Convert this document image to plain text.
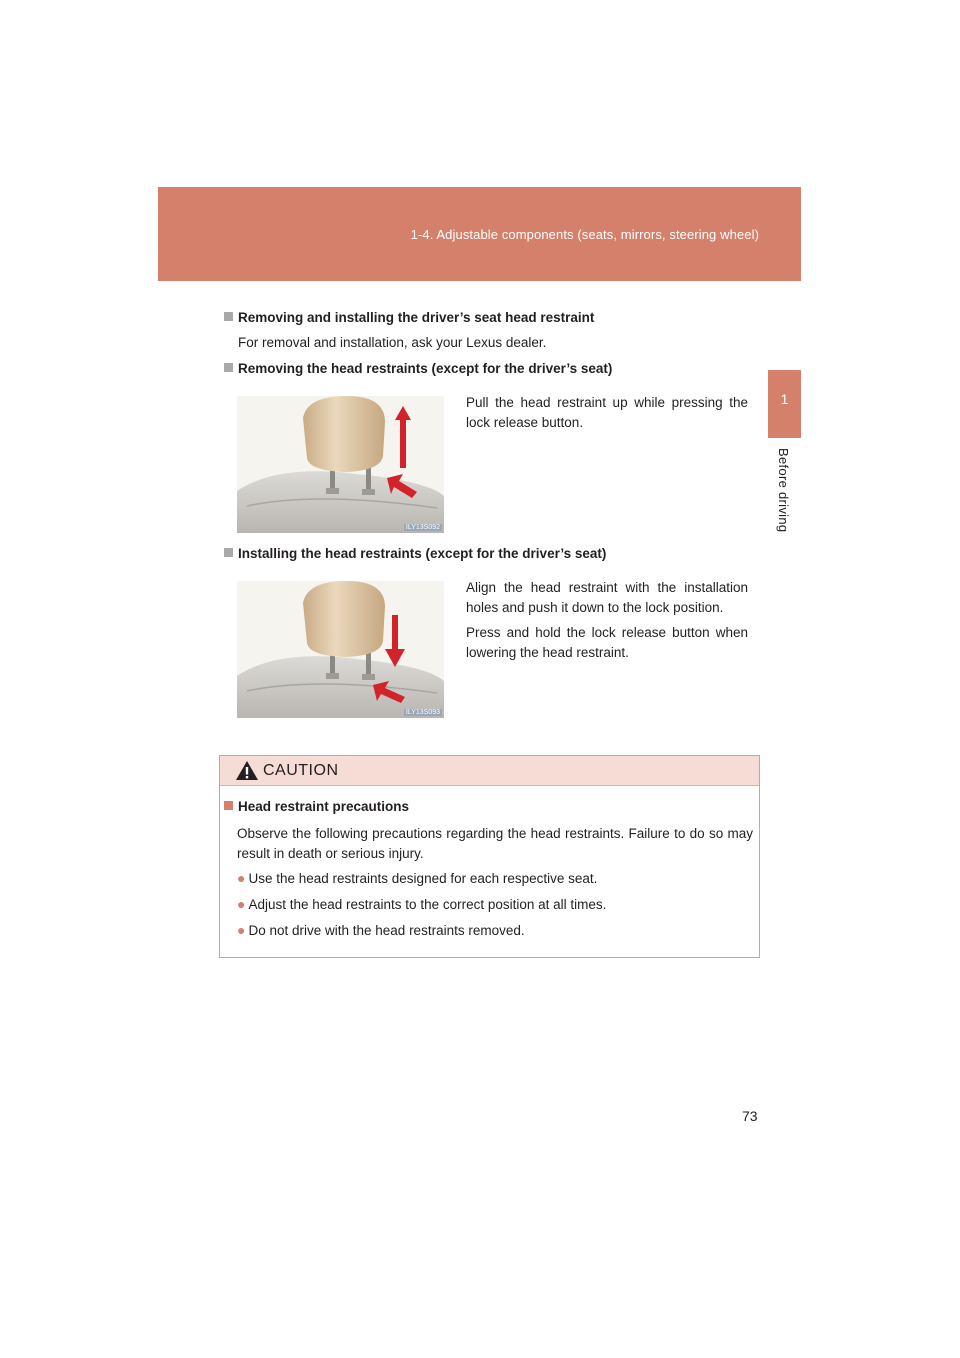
1-4. Adjustable components (seats, mirrors, steering wheel)
1
Before driving
Removing and installing the driver’s seat head restraint
For removal and installation, ask your Lexus dealer.
Removing the head restraints (except for the driver’s seat)
ILY13S092
Pull the head restraint up while pressing the lock release button.
Installing the head restraints (except for the driver’s seat)
ILY13S093
Align the head restraint with the installation holes and push it down to the lock position.
Press and hold the lock release button when lowering the head restraint.
CAUTION
Head restraint precautions
Observe the following precautions regarding the head restraints. Failure to do so may result in death or serious injury.
● Use the head restraints designed for each respective seat.
● Adjust the head restraints to the correct position at all times.
● Do not drive with the head restraints removed.
73
